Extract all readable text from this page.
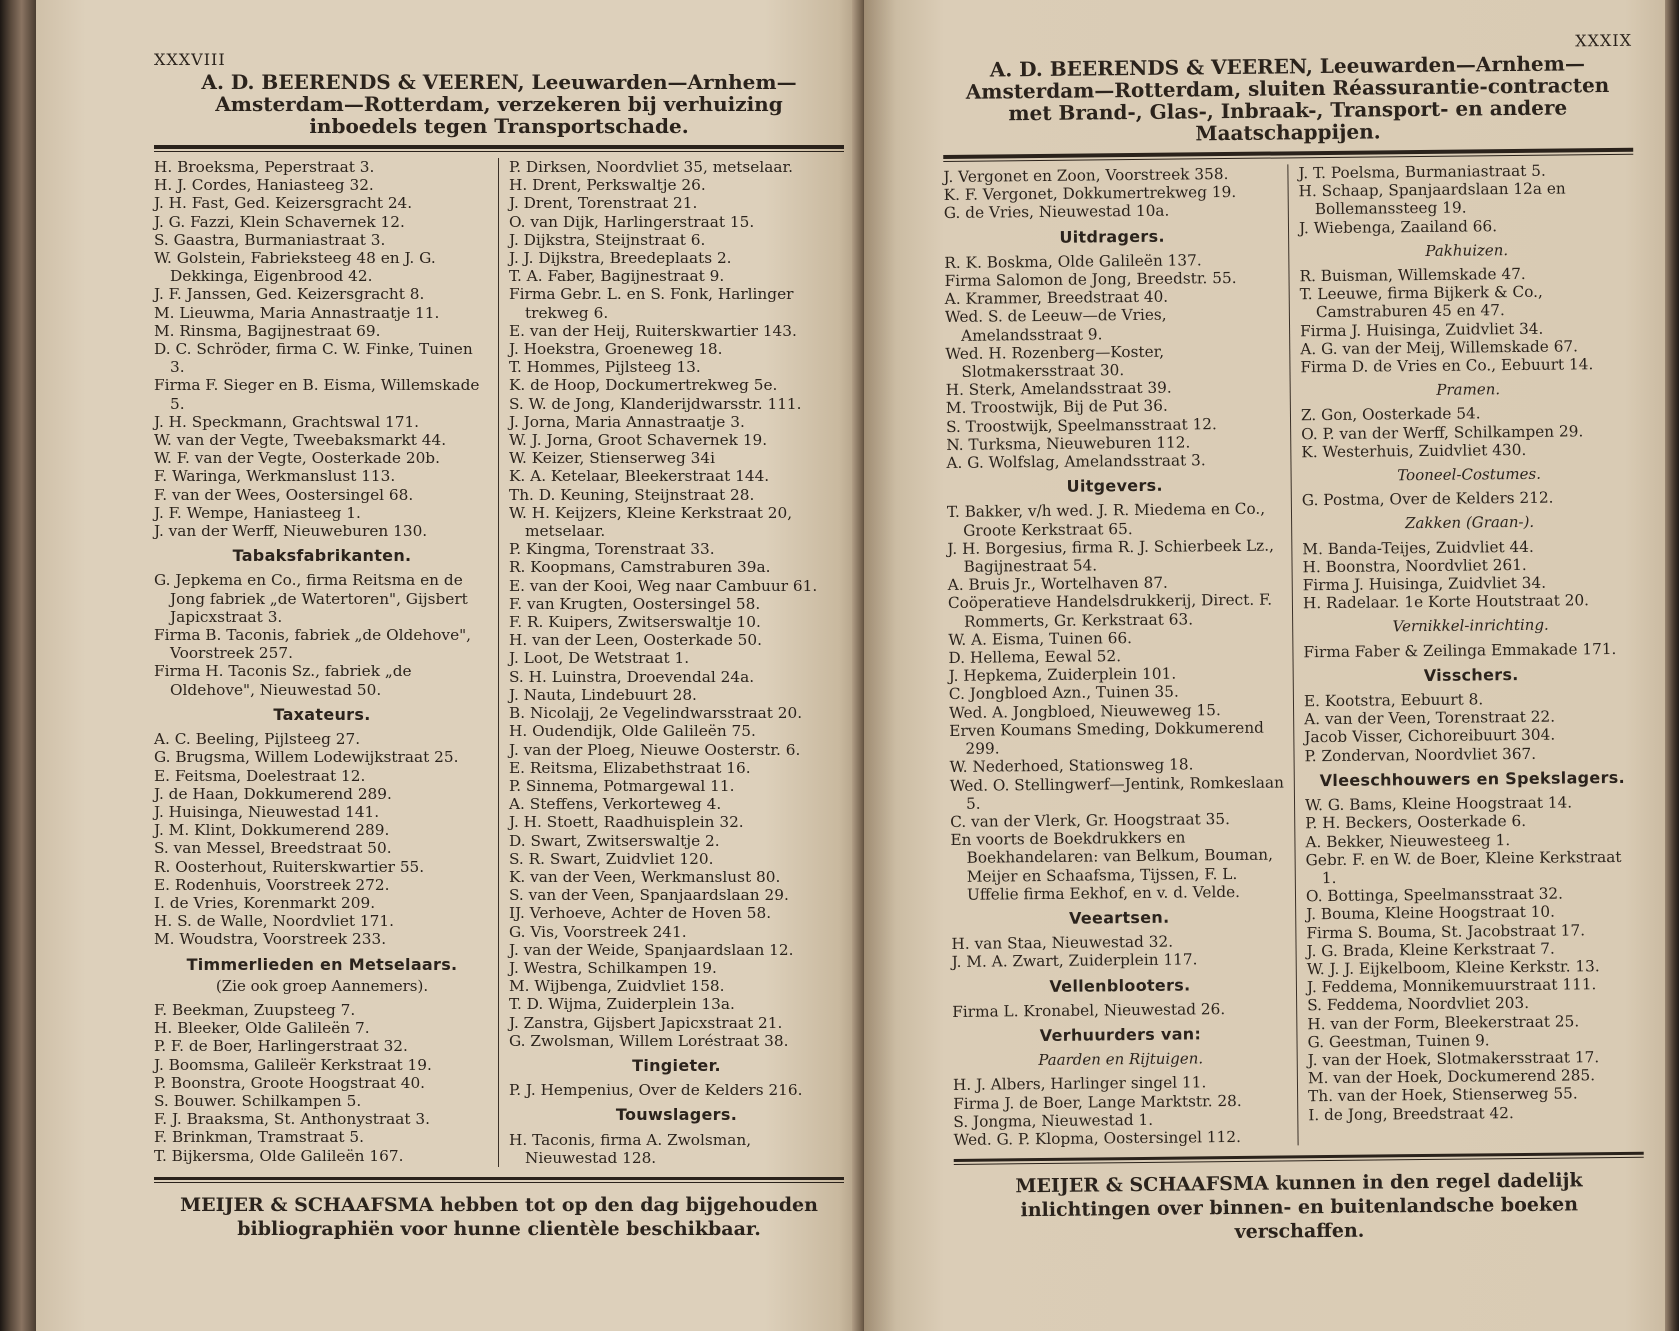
XXXVIII
A. D. BEERENDS & VEEREN, Leeuwarden—Arnhem—Amsterdam—Rotterdam, verzekeren bij verhuizing inboedels tegen Transportschade.
H. Broeksma, Peperstraat 3.
H. J. Cordes, Haniasteeg 32.
J. H. Fast, Ged. Keizersgracht 24.
J. G. Fazzi, Klein Schavernek 12.
S. Gaastra, Burmaniastraat 3.
W. Golstein, Fabrieksteeg 48 en J. G. Dekkinga, Eigenbrood 42.
J. F. Janssen, Ged. Keizersgracht 8.
M. Lieuwma, Maria Annastraatje 11.
M. Rinsma, Bagijnestraat 69.
D. C. Schröder, firma C. W. Finke, Tuinen 3.
Firma F. Sieger en B. Eisma, Willemskade 5.
J. H. Speckmann, Grachtswal 171.
W. van der Vegte, Tweebaksmarkt 44.
W. F. van der Vegte, Oosterkade 20b.
F. Waringa, Werkmanslust 113.
F. van der Wees, Oostersingel 68.
J. F. Wempe, Haniasteeg 1.
J. van der Werff, Nieuweburen 130.
Tabaksfabrikanten.
G. Jepkema en Co., firma Reitsma en de Jong fabriek „de Watertoren", Gijsbert Japicxstraat 3.
Firma B. Taconis, fabriek „de Oldehove", Voorstreek 257.
Firma H. Taconis Sz., fabriek „de Oldehove", Nieuwestad 50.
Taxateurs.
A. C. Beeling, Pijlsteeg 27.
G. Brugsma, Willem Lodewijkstraat 25.
E. Feitsma, Doelestraat 12.
J. de Haan, Dokkumerend 289.
J. Huisinga, Nieuwestad 141.
J. M. Klint, Dokkumerend 289.
S. van Messel, Breedstraat 50.
R. Oosterhout, Ruiterskwartier 55.
E. Rodenhuis, Voorstreek 272.
I. de Vries, Korenmarkt 209.
H. S. de Walle, Noordvliet 171.
M. Woudstra, Voorstreek 233.
Timmerlieden en Metselaars.
(Zie ook groep Aannemers).
F. Beekman, Zuupsteeg 7.
H. Bleeker, Olde Galileën 7.
P. F. de Boer, Harlingerstraat 32.
J. Boomsma, Galileër Kerkstraat 19.
P. Boonstra, Groote Hoogstraat 40.
S. Bouwer. Schilkampen 5.
F. J. Braaksma, St. Anthonystraat 3.
F. Brinkman, Tramstraat 5.
T. Bijkersma, Olde Galileën 167.
P. Dirksen, Noordvliet 35, metselaar.
H. Drent, Perkswaltje 26.
J. Drent, Torenstraat 21.
O. van Dijk, Harlingerstraat 15.
J. Dijkstra, Steijnstraat 6.
J. J. Dijkstra, Breedeplaats 2.
T. A. Faber, Bagijnestraat 9.
Firma Gebr. L. en S. Fonk, Harlinger trekweg 6.
E. van der Heij, Ruiterskwartier 143.
J. Hoekstra, Groeneweg 18.
T. Hommes, Pijlsteeg 13.
K. de Hoop, Dockumertrekweg 5e.
S. W. de Jong, Klanderijdwarsstr. 111.
J. Jorna, Maria Annastraatje 3.
W. J. Jorna, Groot Schavernek 19.
W. Keizer, Stienserweg 34i
K. A. Ketelaar, Bleekerstraat 144.
Th. D. Keuning, Steijnstraat 28.
W. H. Keijzers, Kleine Kerkstraat 20, metselaar.
P. Kingma, Torenstraat 33.
R. Koopmans, Camstraburen 39a.
E. van der Kooi, Weg naar Cambuur 61.
F. van Krugten, Oostersingel 58.
F. R. Kuipers, Zwitserswaltje 10.
H. van der Leen, Oosterkade 50.
J. Loot, De Wetstraat 1.
S. H. Luinstra, Droevendal 24a.
J. Nauta, Lindebuurt 28.
B. Nicolajj, 2e Vegelindwarsstraat 20.
H. Oudendijk, Olde Galileën 75.
J. van der Ploeg, Nieuwe Oosterstr. 6.
E. Reitsma, Elizabethstraat 16.
P. Sinnema, Potmargewal 11.
A. Steffens, Verkorteweg 4.
J. H. Stoett, Raadhuisplein 32.
D. Swart, Zwitserswaltje 2.
S. R. Swart, Zuidvliet 120.
K. van der Veen, Werkmanslust 80.
S. van der Veen, Spanjaardslaan 29.
IJ. Verhoeve, Achter de Hoven 58.
G. Vis, Voorstreek 241.
J. van der Weide, Spanjaardslaan 12.
J. Westra, Schilkampen 19.
M. Wijbenga, Zuidvliet 158.
T. D. Wijma, Zuiderplein 13a.
J. Zanstra, Gijsbert Japicxstraat 21.
G. Zwolsman, Willem Loréstraat 38.
Tingieter.
P. J. Hempenius, Over de Kelders 216.
Touwslagers.
H. Taconis, firma A. Zwolsman, Nieuwestad 128.
MEIJER & SCHAAFSMA hebben tot op den dag bijgehouden bibliographiën voor hunne clientèle beschikbaar.
XXXIX
A. D. BEERENDS & VEEREN, Leeuwarden—Arnhem—Amsterdam—Rotterdam, sluiten Réassurantie-contracten met Brand-, Glas-, Inbraak-, Transport- en andere Maatschappijen.
J. Vergonet en Zoon, Voorstreek 358.
K. F. Vergonet, Dokkumertrekweg 19.
G. de Vries, Nieuwestad 10a.
Uitdragers.
R. K. Boskma, Olde Galileën 137.
Firma Salomon de Jong, Breedstr. 55.
A. Krammer, Breedstraat 40.
Wed. S. de Leeuw—de Vries, Amelandsstraat 9.
Wed. H. Rozenberg—Koster, Slotmakersstraat 30.
H. Sterk, Amelandsstraat 39.
M. Troostwijk, Bij de Put 36.
S. Troostwijk, Speelmansstraat 12.
N. Turksma, Nieuweburen 112.
A. G. Wolfslag, Amelandsstraat 3.
Uitgevers.
T. Bakker, v/h wed. J. R. Miedema en Co., Groote Kerkstraat 65.
J. H. Borgesius, firma R. J. Schierbeek Lz., Bagijnestraat 54.
A. Bruis Jr., Wortelhaven 87.
Coöperatieve Handelsdrukkerij, Direct. F. Rommerts, Gr. Kerkstraat 63.
W. A. Eisma, Tuinen 66.
D. Hellema, Eewal 52.
J. Hepkema, Zuiderplein 101.
C. Jongbloed Azn., Tuinen 35.
Wed. A. Jongbloed, Nieuweweg 15.
Erven Koumans Smeding, Dokkumerend 299.
W. Nederhoed, Stationsweg 18.
Wed. O. Stellingwerf—Jentink, Romkeslaan 5.
C. van der Vlerk, Gr. Hoogstraat 35.
En voorts de Boekdrukkers en Boekhandelaren: van Belkum, Bouman, Meijer en Schaafsma, Tijssen, F. L. Uffelie firma Eekhof, en v. d. Velde.
Veeartsen.
H. van Staa, Nieuwestad 32.
J. M. A. Zwart, Zuiderplein 117.
Vellenblooters.
Firma L. Kronabel, Nieuwestad 26.
Verhuurders van:
Paarden en Rijtuigen.
H. J. Albers, Harlinger singel 11.
Firma J. de Boer, Lange Marktstr. 28.
S. Jongma, Nieuwestad 1.
Wed. G. P. Klopma, Oostersingel 112.
J. T. Poelsma, Burmaniastraat 5.
H. Schaap, Spanjaardslaan 12a en Bollemanssteeg 19.
J. Wiebenga, Zaailand 66.
Pakhuizen.
R. Buisman, Willemskade 47.
T. Leeuwe, firma Bijkerk & Co., Camstraburen 45 en 47.
Firma J. Huisinga, Zuidvliet 34.
A. G. van der Meij, Willemskade 67.
Firma D. de Vries en Co., Eebuurt 14.
Pramen.
Z. Gon, Oosterkade 54.
O. P. van der Werff, Schilkampen 29.
K. Westerhuis, Zuidvliet 430.
Tooneel-Costumes.
G. Postma, Over de Kelders 212.
Zakken (Graan-).
M. Banda-Teijes, Zuidvliet 44.
H. Boonstra, Noordvliet 261.
Firma J. Huisinga, Zuidvliet 34.
H. Radelaar. 1e Korte Houtstraat 20.
Vernikkel-inrichting.
Firma Faber & Zeilinga Emmakade 171.
Visschers.
E. Kootstra, Eebuurt 8.
A. van der Veen, Torenstraat 22.
Jacob Visser, Cichoreibuurt 304.
P. Zondervan, Noordvliet 367.
Vleeschhouwers en Spekslagers.
W. G. Bams, Kleine Hoogstraat 14.
P. H. Beckers, Oosterkade 6.
A. Bekker, Nieuwesteeg 1.
Gebr. F. en W. de Boer, Kleine Kerkstraat 1.
O. Bottinga, Speelmansstraat 32.
J. Bouma, Kleine Hoogstraat 10.
Firma S. Bouma, St. Jacobstraat 17.
J. G. Brada, Kleine Kerkstraat 7.
W. J. J. Eijkelboom, Kleine Kerkstr. 13.
J. Feddema, Monnikemuurstraat 111.
S. Feddema, Noordvliet 203.
H. van der Form, Bleekerstraat 25.
G. Geestman, Tuinen 9.
J. van der Hoek, Slotmakersstraat 17.
M. van der Hoek, Dockumerend 285.
Th. van der Hoek, Stienserweg 55.
I. de Jong, Breedstraat 42.
MEIJER & SCHAAFSMA kunnen in den regel dadelijk inlichtingen over binnen- en buitenlandsche boeken verschaffen.
